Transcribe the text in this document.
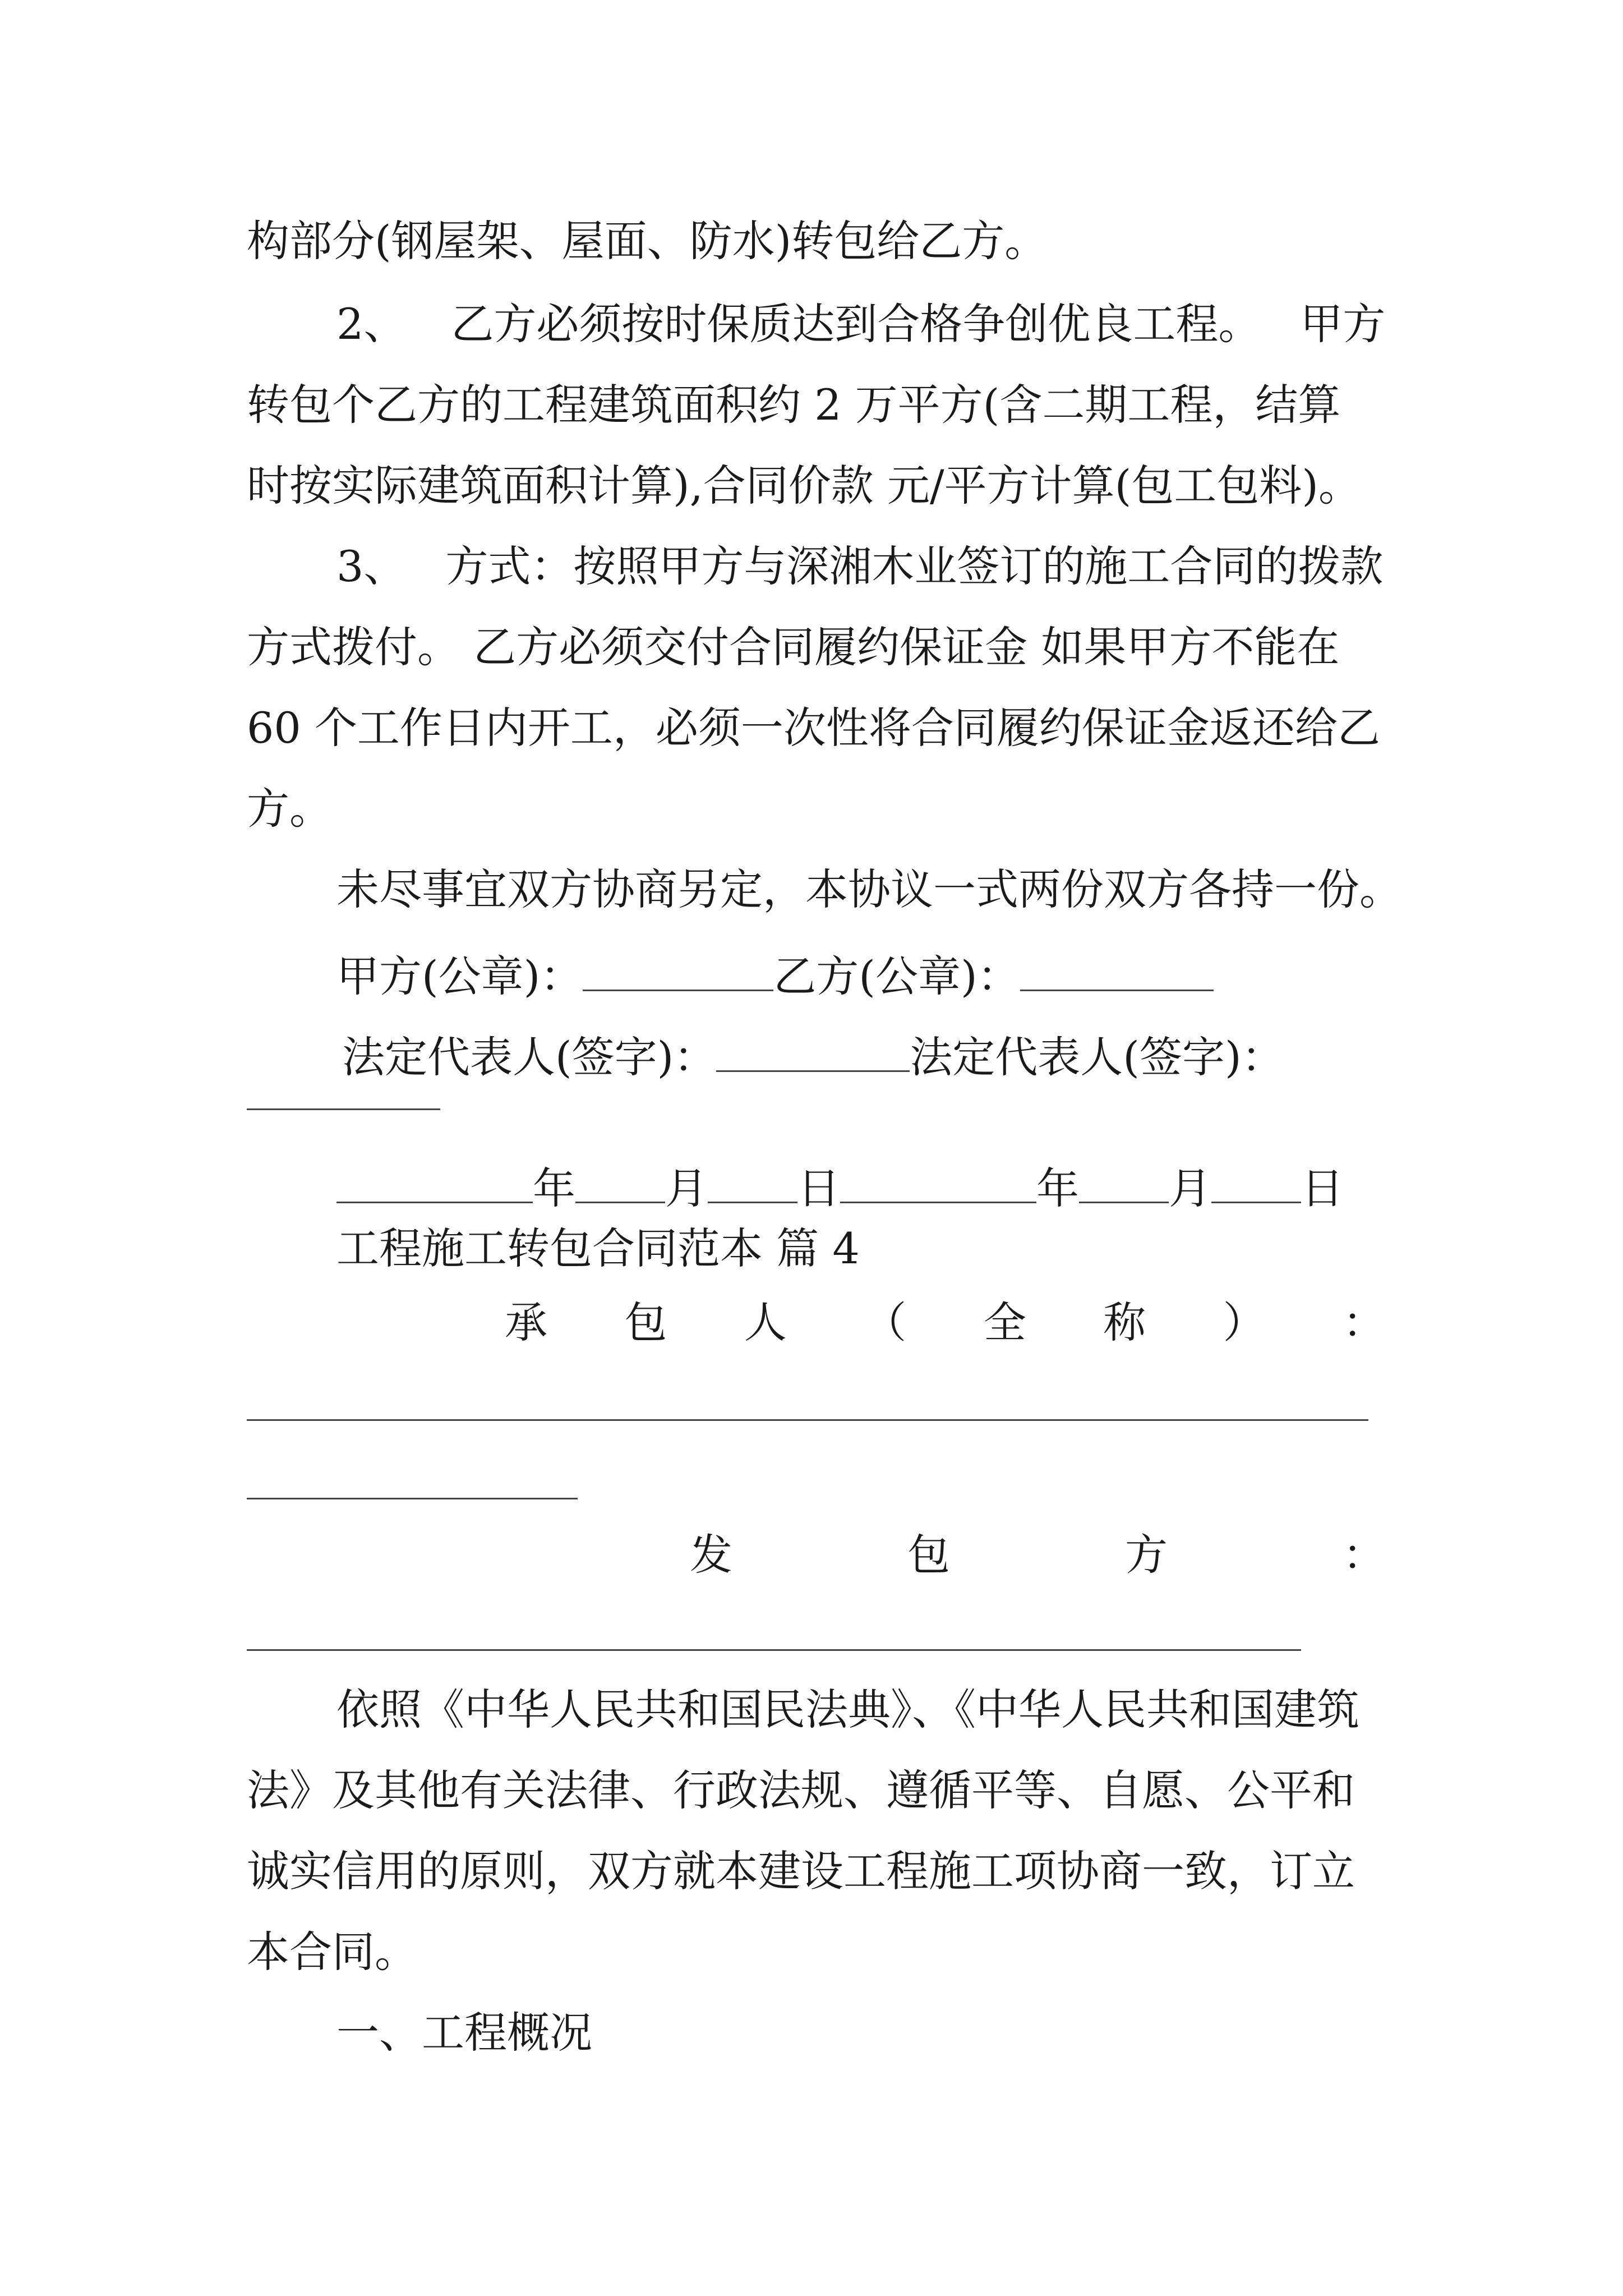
构部分(钢屋架、屋面、防水)转包给乙方。
2、 乙方必须按时保质达到合格争创优良工程。 甲方
转包个乙方的工程建筑面积约 2 万平方(含二期工程，结算
时按实际建筑面积计算),合同价款 元/平方计算(包工包料)。
3、 方式：按照甲方与深湘木业签订的施工合同的拨款
方式拨付。 乙方必须交付合同履约保证金 如果甲方不能在
60 个工作日内开工，必须一次性将合同履约保证金返还给乙
方。
未尽事宜双方协商另定，本协议一式两份双方各持一份。
甲方(公章)：	乙方(公章)：
法定代表人(签字)：	法定代表人(签字)：
年 月 日	年 月 日
工程施工转包合同范本 篇 4
承 包 人 （ 全 称 ） ：
发	包	方	：
依照《中华人民共和国民法典》、《中华人民共和国建筑
法》及其他有关法律、行政法规、遵循平等、自愿、公平和
诚实信用的原则，双方就本建设工程施工项协商一致，订立
本合同。
一、工程概况
